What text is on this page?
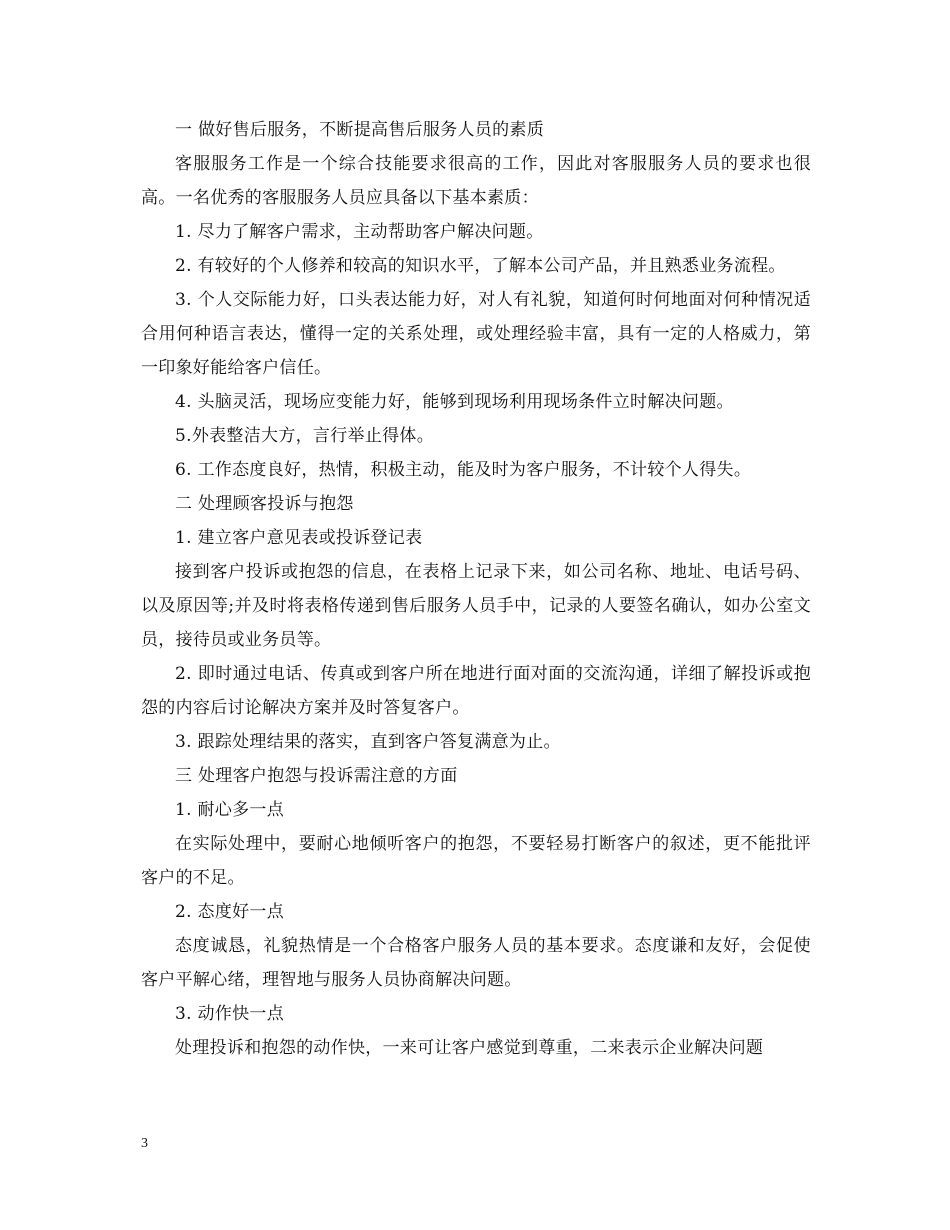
一 做好售后服务，不断提高售后服务人员的素质

客服服务工作是一个综合技能要求很高的工作，因此对客服服务人员的要求也很高。一名优秀的客服服务人员应具备以下基本素质：

1. 尽力了解客户需求，主动帮助客户解决问题。

2. 有较好的个人修养和较高的知识水平，了解本公司产品，并且熟悉业务流程。

3. 个人交际能力好，口头表达能力好，对人有礼貌，知道何时何地面对何种情况适合用何种语言表达，懂得一定的关系处理，或处理经验丰富，具有一定的人格威力，第一印象好能给客户信任。

4. 头脑灵活，现场应变能力好，能够到现场利用现场条件立时解决问题。

5.外表整洁大方，言行举止得体。

6. 工作态度良好，热情，积极主动，能及时为客户服务，不计较个人得失。

二 处理顾客投诉与抱怨

1. 建立客户意见表或投诉登记表

接到客户投诉或抱怨的信息，在表格上记录下来，如公司名称、地址、电话号码、以及原因等;并及时将表格传递到售后服务人员手中，记录的人要签名确认，如办公室文员，接待员或业务员等。

2. 即时通过电话、传真或到客户所在地进行面对面的交流沟通，详细了解投诉或抱怨的内容后讨论解决方案并及时答复客户。

3. 跟踪处理结果的落实，直到客户答复满意为止。

三 处理客户抱怨与投诉需注意的方面

1. 耐心多一点

在实际处理中，要耐心地倾听客户的抱怨，不要轻易打断客户的叙述，更不能批评客户的不足。

2. 态度好一点

态度诚恳，礼貌热情是一个合格客户服务人员的基本要求。态度谦和友好，会促使客户平解心绪，理智地与服务人员协商解决问题。

3. 动作快一点

处理投诉和抱怨的动作快，一来可让客户感觉到尊重，二来表示企业解决问题

3
